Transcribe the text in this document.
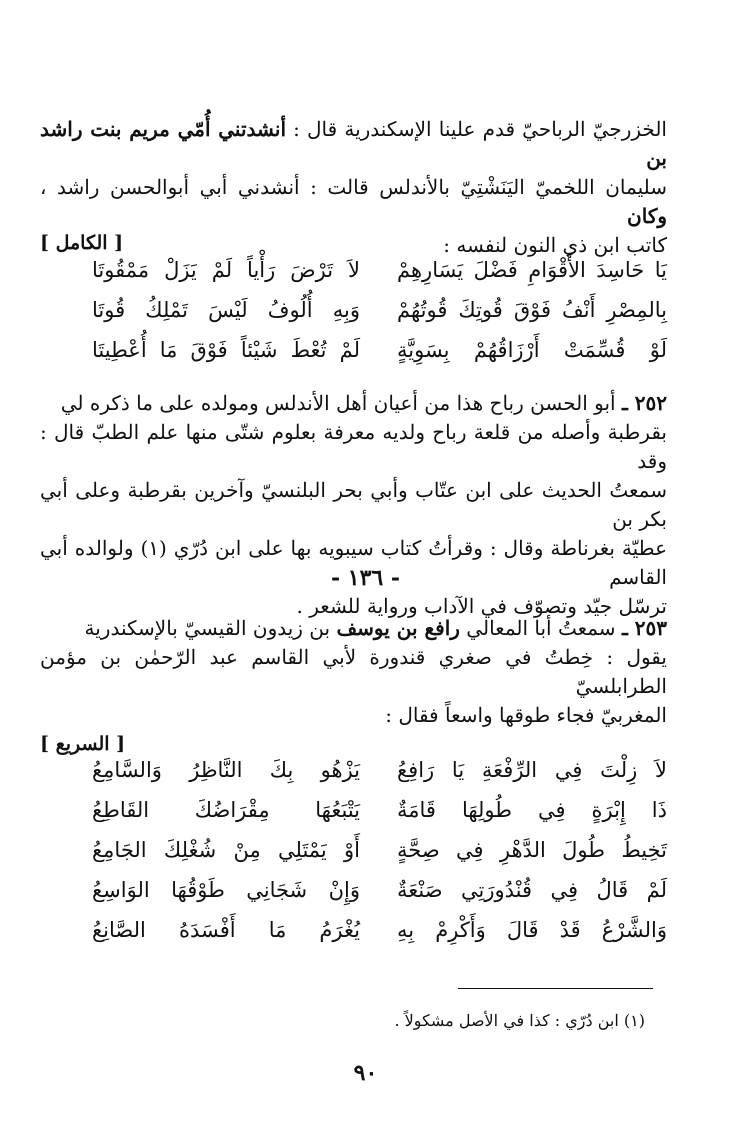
الخزرجيّ الرباحيّ قدم علينا الإسكندرية قال : أنشدتني أُمّي مريم بنت راشد بن

سليمان اللخميّ اليَنَشْتِيّ بالأندلس قالت : أنشدني أبي أبوالحسن راشد ، وكان

كاتب ابن ذي النون لنفسه :

[ الكامل ]
يَا حَاسِدَ الأَقْوَامِ فَضْلَ يَسَارِهِمْ
لاَ تَرْضَ رَأْياً لَمْ يَزَلْ مَمْقُوتَا
بِالمِصْرِ أَنْفُ فَوْقَ قُوتِكَ قُوتُهُمْ
وَبِهِ أُلُوفُ لَيْسَ تَمْلِكُ قُوتَا
لَوْ قُسِّمَتْ أَرْزَاقُهُمْ بِسَوِيَّةٍ
لَمْ تُعْطَ شَيْئاً فَوْقَ مَا أُعْطِيتَا

٢٥٢ ـ أبو الحسن رباح هذا من أعيان أهل الأندلس ومولده على ما ذكره لي

بقرطبة وأصله من قلعة رباح ولديه معرفة بعلوم شتّى منها علم الطبّ قال : وقد

سمعتُ الحديث على ابن عتّاب وأبي بحر البلنسيّ وآخرين بقرطبة وعلى أبي بكر بن

عطيّة بغرناطة وقال : وقرأتُ كتاب سيبويه بها على ابن دُرّي (١) ولوالده أبي القاسم

ترسّل جيّد وتصوّف في الآداب ورواية للشعر .

- ١٣٦ -

٢٥٣ ـ سمعتُ أبا المعالي رافع بن يوسف بن زيدون القيسيّ بالإسكندرية

يقول : خِطتُ في صغري قندورة لأبي القاسم عبد الرّحمٰن بن مؤمن الطرابلسيّ

المغربيّ فجاء طوقها واسعاً فقال :

[ السريع ]
لاَ زِلْتَ فِي الرِّفْعَةِ يَا رَافِعُ
يَزْهُو بِكَ النَّاظِرُ وَالسَّامِعُ
ذَا إِبْرَةٍ فِي طُولِهَا قَامَةٌ
يَتْبَعُهَا مِقْرَاضُكَ القَاطِعُ
تَخِيطُ طُولَ الدَّهْرِ فِي صِحَّةٍ
أَوْ يَمْتَلِي مِنْ شُغْلِكَ الجَامِعُ
لَمْ قَالُ فِي قُنْدُورَتِي صَنْعَةٌ
وَإِنْ شَجَانِي طَوْقُهَا الوَاسِعُ
وَالشَّرْعُ قَدْ قَالَ وَأَكْرِمْ بِهِ
يُغْرَمُ مَا أَفْسَدَهُ الصَّانِعُ
(١) ابن دُرّي : كذا في الأصل مشكولاً .
٩٠
